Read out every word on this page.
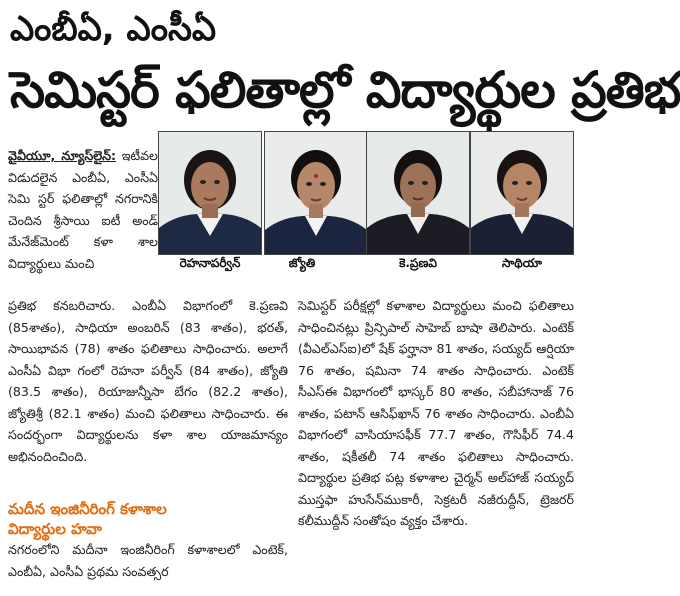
ఎంబీఏ, ఎంసీఏ
సెమిస్టర్ ఫలితాల్లో విద్యార్థుల ప్రతిభ

వైవీయూ, న్యూస్‌లైన్: ఇటీవల విడుదలైన ఎంబీఏ, ఎంసీఏ సెమి స్టర్ ఫలితాల్లో నగరానికి చెందిన శ్రీసాయి ఐటీ అండ్ మేనేజ్‌మెంట్ కళా శాల విద్యార్థులు మంచి	రెహనాపర్వీన్	జ్యోతి	కె.ప్రణవి	సాథియా

ప్రతిభ కనబరిచారు. ఎంబీఏ విభాగంలో కె.ప్రణవి (85శాతం), సాధియా అంబరిన్ (83 శాతం), భరత్, సాయిభావన (78) శాతం ఫలితాలు సాధించారు. అలాగే ఎంసీఏ విభా గంలో రెహనా పర్వీన్ (84 శాతం), జ్యోతి (83.5 శాతం), రియాజున్నీసా బేగం (82.2 శాతం), జ్యోతిశ్రీ (82.1 శాతం) మంచి ఫలితాలు సాధించారు. ఈ సందర్భంగా విద్యార్థులను కళా శాల యాజమాన్యం అభినందించింది.

మదీన ఇంజినీరింగ్ కళాశాల
విద్యార్థుల హవా

నగరంలోని మదీనా ఇంజినీరింగ్ కళాశాలలో ఎంటెక్, ఎంబీఏ, ఎంసీఏ ప్రథమ సంవత్సర

సెమిస్టర్ పరీక్షల్లో కళాశాల విద్యార్థులు మంచి ఫలితాలు సాధించినట్లు ప్రిన్సిపాల్ సాహెబ్ బాషా తెలిపారు. ఎంటెక్ (వీఎల్‌ఎస్ఐ)లో షేక్ ఫర్హానా 81 శాతం, సయ్యద్ ఆర్షియా 76 శాతం, షమినా 74 శాతం సాధించారు. ఎంటెక్ సీఎస్ఈ విభాగంలో భాస్కర్ 80 శాతం, సబీహానాజ్ 76 శాతం, పటాన్ ఆసిఫ్‌ఖాన్ 76 శాతం సాధించారు. ఎంబీఏ విభాగంలో వాసియాసఫీక్ 77.7 శాతం, గౌసిఫీర్ 74.4 శాతం, షకీతలీ 74 శాతం ఫలితాలు సాధించారు. విద్యార్థుల ప్రతిభ పట్ల కళాశాల చైర్మన్ అల్‌హాజ్ సయ్యద్ ముస్తఫా హుసేన్‌ముకారీ, సెక్రటరీ నజీరుద్దీన్, ట్రెజరర్ కలీముద్దీన్ సంతోషం వ్యక్తం చేశారు.
